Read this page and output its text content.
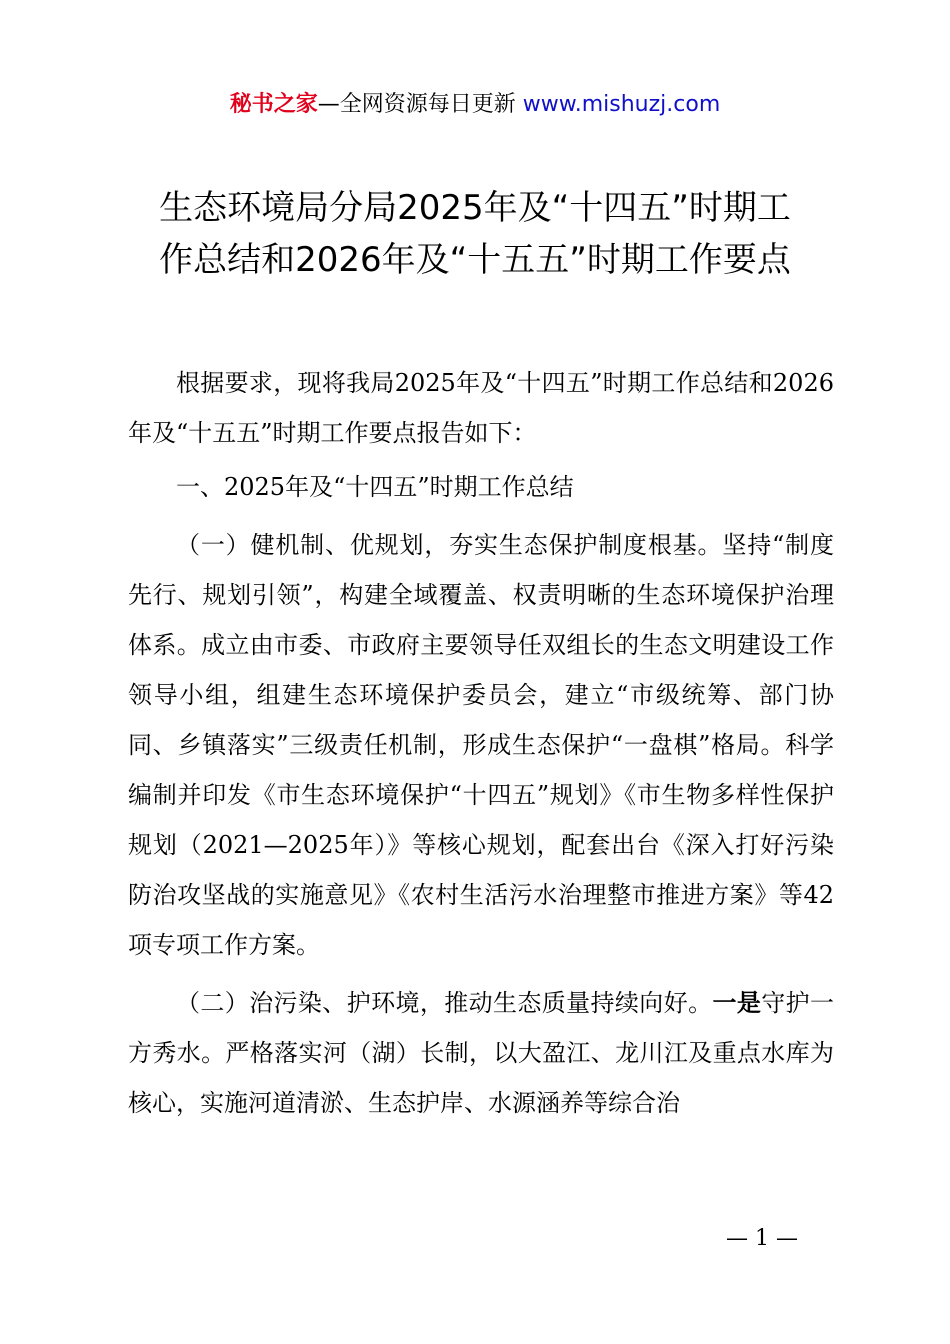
秘书之家—全网资源每日更新 www.mishuzj.com
生态环境局分局2025年及“十四五”时期工
作总结和2026年及“十五五”时期工作要点

根据要求，现将我局2025年及“十四五”时期工作总结和2026年及“十五五”时期工作要点报告如下：

一、2025年及“十四五”时期工作总结

（一）健机制、优规划，夯实生态保护制度根基。坚持“制度先行、规划引领”，构建全域覆盖、权责明晰的生态环境保护治理体系。成立由市委、市政府主要领导任双组长的生态文明建设工作领导小组，组建生态环境保护委员会，建立“市级统筹、部门协同、乡镇落实”三级责任机制，形成生态保护“一盘棋”格局。科学编制并印发《市生态环境保护“十四五”规划》《市生物多样性保护规划（2021—2025年）》等核心规划，配套出台《深入打好污染防治攻坚战的实施意见》《农村生活污水治理整市推进方案》等42项专项工作方案。

（二）治污染、护环境，推动生态质量持续向好。一是守护一方秀水。严格落实河（湖）长制，以大盈江、龙川江及重点水库为核心，实施河道清淤、生态护岸、水源涵养等综合治

— 1 —
